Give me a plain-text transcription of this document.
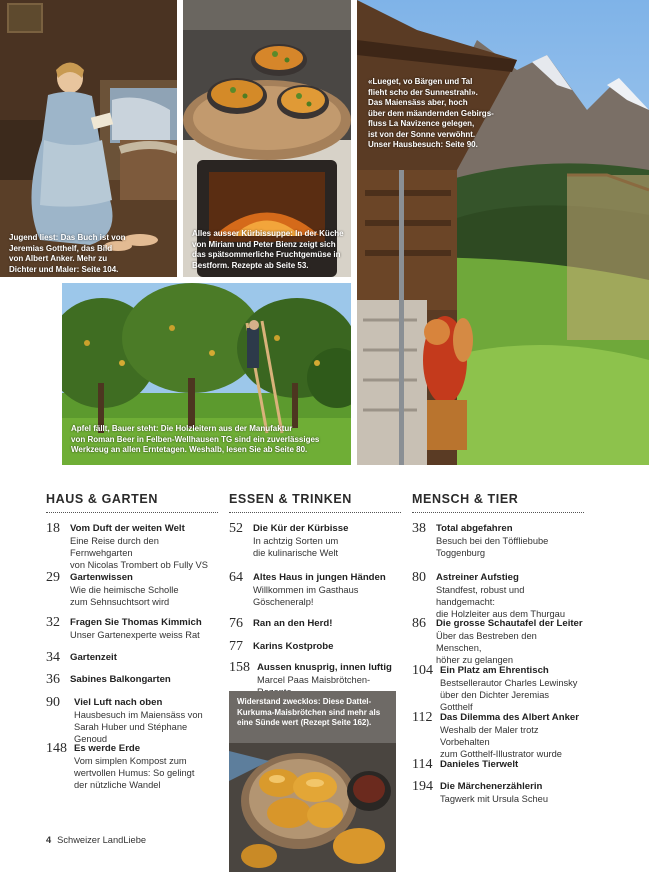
Jugend liest: Das Buch ist von
Jeremias Gotthelf, das Bild
von Albert Anker. Mehr zu
Dichter und Maler: Seite 104.
Alles ausser Kürbissuppe: In der Küche
von Miriam und Peter Bienz zeigt sich
das spätsommerliche Fruchtgemüse in
Bestform. Rezepte ab Seite 53.
«Lueget, vo Bärgen und Tal
flieht scho der Sunnestrahl».
Das Maiensäss aber, hoch
über dem mäandernden Gebirgs-
fluss La Navizence gelegen,
ist von der Sonne verwöhnt.
Unser Hausbesuch: Seite 90.
Apfel fällt, Bauer steht: Die Holzleitern aus der Manufaktur
von Roman Beer in Felben-Wellhausen TG sind ein zuverlässiges
Werkzeug an allen Erntetagen. Weshalb, lesen Sie ab Seite 80.
HAUS & GARTEN
18 Vom Duft der weiten Welt
Eine Reise durch den Fernwehgarten
von Nicolas Trombert ob Fully VS
29 Gartenwissen
Wie die heimische Scholle
zum Sehnsuchtsort wird
32 Fragen Sie Thomas Kimmich
Unser Gartenexperte weiss Rat
34 Gartenzeit
36 Sabines Balkongarten
90 Viel Luft nach oben
Hausbesuch im Maiensäss von
Sarah Huber und Stéphane Genoud
148 Es werde Erde
Vom simplen Kompost zum
wertvollen Humus: So gelingt
der nützliche Wandel
ESSEN & TRINKEN
52 Die Kür der Kürbisse
In achtzig Sorten um
die kulinarische Welt
64 Altes Haus in jungen Händen
Willkommen im Gasthaus
Göscheneralp!
76 Ran an den Herd!
77 Karins Kostprobe
158 Aussen knusprig, innen luftig
Marcel Paas Maisbrötchen-
Widerstand zwecklos: Diese Dattel-
Kurkuma-Maisbrötchen sind mehr als
eine Sünde wert (Rezept Seite 162).
MENSCH & TIER
38 Total abgefahren
Besuch bei den Töffliebube
Toggenburg
80 Astreiner Aufstieg
Standfest, robust und handgemacht:
die Holzleiter aus dem Thurgau
86 Die grosse Schautafel der Leiter
Über das Bestreben den Menschen,
höher zu gelangen
104 Ein Platz am Ehrentisch
Bestsellerautor Charles Lewinsky
über den Dichter Jeremias Gotthelf
112 Das Dilemma des Albert Anker
Weshalb der Maler trotz Vorbehalten
zum Gotthelf-Illustrator wurde
114 Danieles Tierwelt
194 Die Märchenerzählerin
Tagwerk mit Ursula Scheu
4 Schweizer LandLiebe
